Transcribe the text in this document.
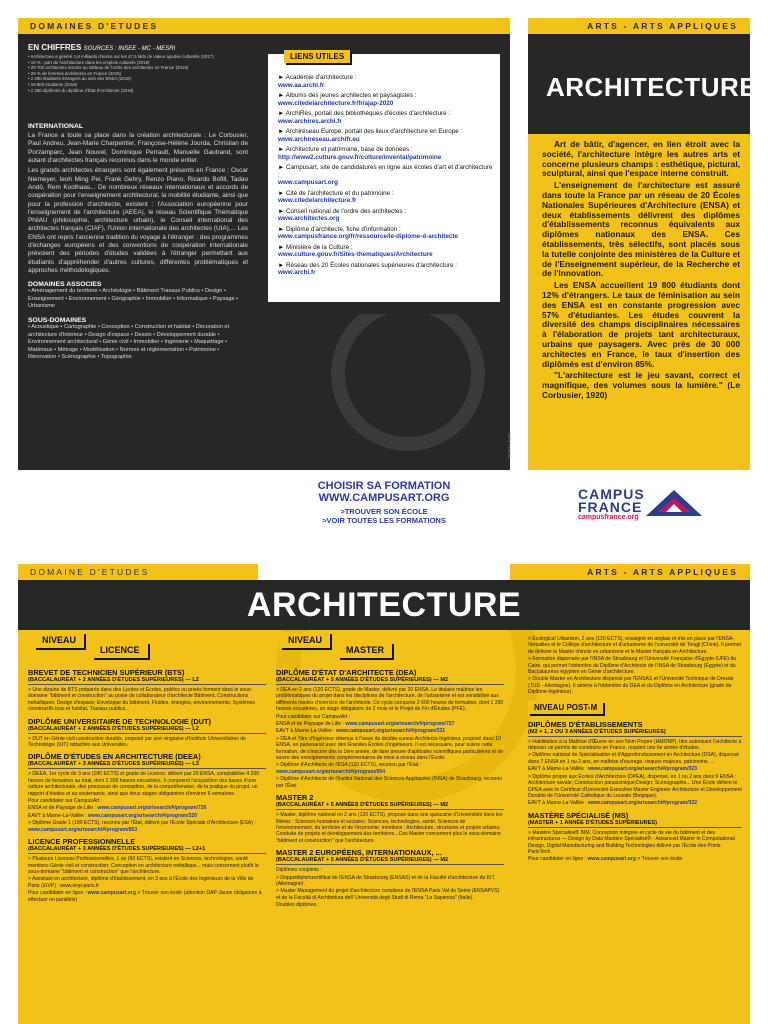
DOMAINES D'ETUDES	ARTS - ARTS APPLIQUES
EN CHIFFRES SOURCES : INSEE - MC - MESRI
• Architecture a généré 1,8 milliards d'euros sur les 47,5 Mds de valeur ajoutée culturelle (2017)
• 16 % : part de l'architecture dans les emplois culturels (2019)
• 29 700 architectes inscrits au tableau de l'ordre des architectes en France (2019)
• 29 % de femmes architectes en France (2019)
• 2 280 étudiants étrangers au sein des ENSA (2018)
• 19 800 étudiants (2019)
• 2 280 diplômés du diplôme d'État d'Architecte (2019)
INTERNATIONAL
La France a toute sa place dans la création architecturale : Le Corbusier, Paul Andreu, Jean-Marie Charpentier, Françoise-Hélène Jourda, Christian de Porzamparc, Jean Nouvel, Dominique Perrault, Manuelle Gautrand, sont autant d'architectes français reconnus dans le monde entier.
Les grands architectes étrangers sont également présents en France : Oscar Niemeyer, Ieoh Ming Pei, Frank Gehry, Renzo Piano, Ricardo Bofill, Tadao Andō, Rem Koolhaas... De nombreux réseaux internationaux et accords de coopération pour l'enseignement architectural, la mobilité étudiante, ainsi que pour la profession d'architecte, existent : l'Association européenne pour l'enseignement de l'architecture (AEEA), le réseau Scientifique Thématique PhilAU (philosophie, architecture urbain), le Conseil international des architectes français (CIAF), l'Union internationale des architectes (UIA),... Les ENSA ont repris l'ancienne tradition du voyage à l'étranger : des programmes d'échanges européens et des conventions de coopération internationale prévoient des périodes d'études validées à l'étranger permettant aux étudiants d'appréhender d'autres cultures, différentes problématiques et approches méthodologiques.
DOMAINES ASSOCIES
• Aménagement du territoire • Archéologie • Bâtiment Travaux Publics • Design • Enseignement • Environnement • Géographie • Immobilier • Informatique • Paysage • Urbanisme
SOUS-DOMAINES
• Acoustique • Cartographie • Conception • Construction et habitat • Décoration et architecture d'intérieur • Design d'espace • Dessin • Développement durable • Environnement architectural • Génie civil • Immobilier • Ingénierie • Maquettage • Matériaux • Métrage • Modélisation • Normes et réglementation • Patrimoine • Rénovation • Scénographie • Topographie
LIENS UTILES
► Académie d'architecture :
www.aa.archi.fr
► Albums des jeunes architectes et paysagistes :
www.citedelarchitecture.fr/fr/ajap-2020
► ArchiRès, portail des bibliothèques d'écoles d'architecture :
www.archires.archi.fr
► Archiréseau Europe, portail des lieux d'architecture en Europe :
www.archireseau.archifr.eu
► Architecture et patrimoine, base de données :
http://www2.culture.gouv.fr/culture/inventai/patrimoine
► Campusart, site de candidatures en ligne aux écoles d'art et d'architecture :
www.campusart.org
► Cité de l'architecture et du patrimoine :
www.citedelarchitecture.fr
► Conseil national de l'ordre des architectes :
www.architectes.org
► Diplôme d'architecte, fiche d'information :
www.campusfrance.org/fr/ressource/le-diplome-d-architecte
► Ministère de la Culture :
www.culture.gouv.fr/Sites-thematiques/Architecture
► Réseau des 20 Écoles nationales supérieures d'architecture :
www.archi.fr
Octobre 2020
ARCHITECTURE
Art de bâtir, d'agencer, en lien étroit avec la société, l'architecture intègre les autres arts et concerne plusieurs champs : esthétique, pictural, sculptural, ainsi que l'espace interne construit.
L'enseignement de l'architecture est assuré dans toute la France par un réseau de 20 Écoles Nationales Supérieures d'Architecture (ENSA) et deux établissements délivrent des diplômes d'établissements reconnus équivalents aux diplômes nationaux des ENSA. Ces établissements, très sélectifs, sont placés sous la tutelle conjointe des ministères de la Culture et de l'Enseignement supérieur, de la Recherche et de l'Innovation.
Les ENSA accueillent 19 800 étudiants dont 12% d'étrangers. Le taux de féminisation au sein des ENSA est en constante progression avec 57% d'étudiantes. Les études couvrent la diversité des champs disciplinaires nécessaires à l'élaboration de projets tant architecturaux, urbains que paysagers. Avec près de 30 000 architectes en France, le taux d'insertion des diplômés est d'environ 85%.
"L'architecture est le jeu savant, correct et magnifique, des volumes sous la lumière." (Le Corbusier, 1920)
CHOISIR SA FORMATION
WWW.CAMPUSART.ORG
>TROUVER SON ÉCOLE
>VOIR TOUTES LES FORMATIONS
CAMPUS
FRANCE
campusfrance.org
DOMAINE D'ETUDES	ARTS - ARTS APPLIQUES
ARCHITECTURE
NIVEAU
LICENCE
NIVEAU
MASTER
BREVET DE TECHNICIEN SUPÉRIEUR (BTS)
(BACCALAURÉAT + 2 ANNÉES D'ÉTUDES SUPÉRIEURES) — L2
> Une dizaine de BTS préparés dans des Lycées et Écoles, publics ou privés forment dans le sous-domaine "bâtiment et construction" au poste de collaborateur d'architecte Bâtiment, Constructions métalliques; Design d'espace; Enveloppe du bâtiment, Fluides, énergies, environnements; Systèmes constructifs bois et habitat, Travaux publics...
DIPLÔME UNIVERSITAIRE DE TECHNOLOGIE (DUT)
(BACCALAURÉAT + 2 ANNÉES D'ÉTUDES SUPÉRIEURES) — L2
> DUT en Génie civil construction durable, proposé par une vingtaine d'Instituts Universitaires de Technologie (IUT) rattachés aux Universités.
DIPLÔME D'ÉTUDES EN ARCHITECTURE (DEEA)
(BACCALAURÉAT + 3 ANNÉES D'ÉTUDES SUPÉRIEURES) — L3
> DEEA, 1er cycle de 3 ans (180 ECTS) et grade de Licence, délivré par 20 ENSA, comptabilise 4 200 heures de formation au total, dont 2 200 heures encadrées. Il comprend l'acquisition des bases d'une culture architecturale, des processus de conception, de la compréhension, de la pratique du projet, un rapport d'études et sa soutenance, ainsi que deux stages obligatoires d'environ 6 semaines.
Pour candidater sur CampusArt :
ENSA et de Paysage de Lille : www.campusart.org/artsearch/#/program/726
EAVT à Marne-La-Vallée : www.campusart.org/artsearch/#/program/320
> Diplôme Grade 1 (180 ECTS), reconnu par l'État, délivré par l'École Spéciale d'Architecture (ESA) : www.campusart.org/artsearch/#/program/853
LICENCE PROFESSIONNELLE
(BACCALAURÉAT + 3 ANNÉES D'ÉTUDES SUPÉRIEURES) — L2+1
> Plusieurs Licences Professionnelles, 1 an (60 ECTS), existent en Sciences, technologies, santé mentions Génie civil et construction; Conception en architecture métallique... mais concernent plutôt le sous-domaine "bâtiment et construction" que l'architecture.
> Assistant en architecture, diplôme d'établissement, en 3 ans à l'École des Ingénieurs de la Ville de Paris (EIVP) : www.eivp-paris.fr
Pour candidater en ligne : www.campusart.org > Trouver son école (attention DAP-Jaune obligatoire à effectuer en parallèle)
DIPLÔME D'ÉTAT D'ARCHITECTE (DEA)
(BACCALAURÉAT + 5 ANNÉES D'ÉTUDES SUPÉRIEURES) — M2
> DEA en 2 ans (120 ECTS), grade de Master, délivré par 20 ENSA. Le titulaire maîtrise les problématiques du projet dans les disciplines de l'architecture, de l'urbanisme et est sensibilisé aux différents modes d'exercice de l'architecte. Ce cycle comporte 2 600 heures de formation, dont 1 200 heures encadrées, un stage obligatoire de 2 mois et le Projet de Fin d'Études (PFE).
Pour candidater sur CampusArt :
ENSA et de Paysage de Lille : www.campusart.org/artsearch/#/program/727
EAVT à Marne-La-Vallée : www.campusart.org/artsearch/#/program/321
> DEA et Titre d'Ingénieur obtenus à l'issue du double-cursus Architecte-Ingénieur, proposé dans 10 ENSA, en partenariat avec des Grandes Écoles d'ingénieurs. Il est nécessaire, pour suivre cette formation, de s'inscrire dès la 1ère année, de faire preuve d'aptitudes scientifiques particulières et de suivre des enseignements complémentaires de mise à niveau dans l'École.
> Diplôme d'Architecte de l'ESA (120 ECTS), reconnu par l'État : www.campusart.org/artsearch/#/program/854
> Diplôme d'Architecte de l'Institut National des Sciences Appliquées (INSA) de Strasbourg, reconnu par l'État.
MASTER 2
(BACCALAURÉAT + 5 ANNÉES D'ÉTUDES SUPÉRIEURES) — M2
> Master, diplôme national en 2 ans (120 ECTS), proposé dans une quinzaine d'Universités dans les filières : Sciences humaines et sociales; Sciences, technologies, santé; Sciences de l'environnement, du territoire et de l'économie; mentions : Architecture, structures et projets urbains; Conduite de projets et développement des territoires...Ces Master concernent plus le sous-domaine "bâtiment et construction" que l'architecture.
MASTER 2 EUROPÉENS, INTERNATIONAUX, ...
(BACCALAURÉAT + 5 ANNÉES D'ÉTUDES SUPÉRIEURES) — M2
Diplômes conjoints :
> Doppeldiplomzertifikat de l'ENSA de Strasbourg (ENSAS) et de la Faculté d'architecture du KIT (Allemagne).
> Master Management du projet d'architecture complexe de l'ENSA Paris Val de Seine (ENSAPVS) et de la Facoltà di Architettura dell' Università degli Studi di Roma "La Sapienza" (Italie).
Doubles diplômes :
> Ecological Urbanism, 2 ans (120 ECTS), enseigné en anglais et mis en place par l'ENSA-Versailles et le Collège d'architecture et d'urbanisme de l'université de Tongji (Chine). Il permet de délivrer le Master chinois en urbanisme et le Master français en Architecture.
> Formation dispensée par l'INSA de Strasbourg et l'Université Française d'Égypte (UFE) du Caire, qui permet l'obtention du Diplôme d'Architecte de l'INSA de Strasbourg (Égypte) et du Baccalauréos égyptien en Génie d'architecture.
> Double Master en Architecture dispensé par l'ENSAS et l'Université Technique de Dresde (TUD - Allemagne). Il amène à l'obtention du DEA et du Diplôme en Architecture (grade de Diplôme-Ingénieur).
NIVEAU POST-M
DIPLÔMES D'ÉTABLISSEMENTS
(M2 + 1, 2 OU 3 ANNÉES D'ÉTUDES SUPÉRIEURES)
> Habilitation à la Maîtrise d'Œuvre en son Nom Propre (HMONP), titre autorisant l'architecte à déposer un permis de construire en France, requiert une 6e année d'études.
> Diplôme national de Spécialisation et d'Approfondissement en Architecture (DSA), dispensé dans 7 ENSA en 1 ou 2 ans, en maîtrise d'ouvrage, risques majeurs, patrimoine, ...
EAVT à Marne-La-Vallée : www.campusart.org/artsearch/#/program/323
> Diplôme propre aux Écoles d'Architecture (DPEA), dispensé, en 1 ou 2 ans dans 9 ENSA : Architecture navale; Construction parasismique;Design; Scénographie... Une École délivre le DPEA avec le Certificat d'Université Executive Master Engineer Architecture et Développement Durable de l'Université Catholique du Louvain (Belgique).
EAVT à Marne-La-Vallée : www.campusart.org/artsearch/#/program/322
MASTÈRE SPÉCIALISÉ (MS)
(MASTER + 1 ANNÉE D'ÉTUDES SUPÉRIEURES)
> Mastère Spécialisé® BIM, Conception intégrée et cycle de vie du bâtiment et des infrastructures — Design by Data Mastère Spécialisé® - Advanced Master in Computational Design, Digital Manufacturing and Building Technologies délivré par l'École des Ponts ParisTech.
Pour candidater en ligne : www.campusart.org > Trouver son école
